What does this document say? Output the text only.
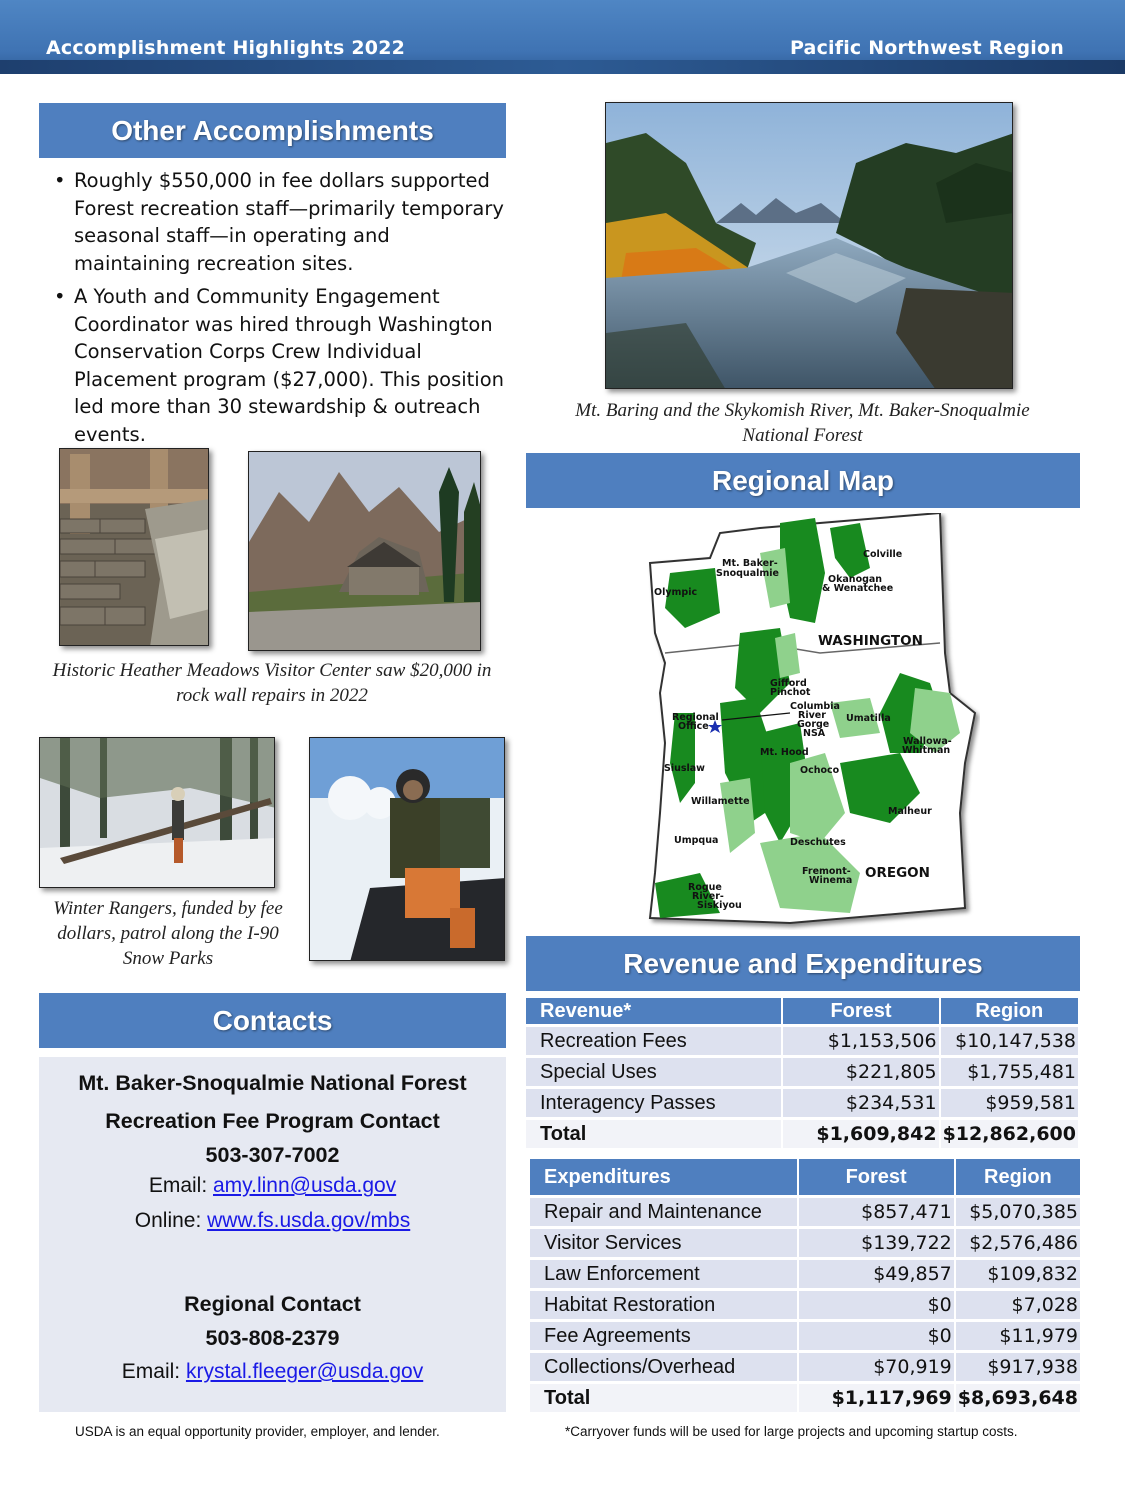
Accomplishment Highlights 2022	Pacific Northwest Region
Other Accomplishments
• Roughly $550,000 in fee dollars supported Forest recreation staff—primarily temporary seasonal staff—in operating and maintaining recreation sites.
• A Youth and Community Engagement Coordinator was hired through Washington Conservation Corps Crew Individual Placement program ($27,000). This position led more than 30 stewardship & outreach events.
Mt. Baring and the Skykomish River, Mt. Baker-Snoqualmie National Forest
Historic Heather Meadows Visitor Center saw $20,000 in rock wall repairs in 2022
Winter Rangers, funded by fee dollars, patrol along the I-90 Snow Parks
Regional Map
Mt. Baker-
Snoqualmie
Olympic
Colville
Okanogan
& Wenatchee
Gifford
Pinchot
Columbia
River
Gorge
NSA
Regional
Office
Umatilla
Wallowa-
Whitman
Mt. Hood
Siuslaw	Ochoco
Willamette
Malheur
Umpqua	Deschutes
Fremont-
Winema
Rogue
River-
Siskiyou
WASHINGTON
OREGON
Revenue and Expenditures
Revenue*	Forest	Region
Recreation Fees	$1,153,506	$10,147,538
Special Uses	$221,805	$1,755,481
Interagency Passes	$234,531	$959,581
Total	$1,609,842	$12,862,600
Expenditures	Forest	Region
Repair and Maintenance	$857,471	$5,070,385
Visitor Services	$139,722	$2,576,486
Law Enforcement	$49,857	$109,832
Habitat Restoration	$0	$7,028
Fee Agreements	$0	$11,979
Collections/Overhead	$70,919	$917,938
Total	$1,117,969	$8,693,648
Contacts
Mt. Baker-Snoqualmie National Forest
Recreation Fee Program Contact
503-307-7002
Email: amy.linn@usda.gov
Online: www.fs.usda.gov/mbs
Regional Contact
503-808-2379
Email: krystal.fleeger@usda.gov
USDA is an equal opportunity provider, employer, and lender.	*Carryover funds will be used for large projects and upcoming startup costs.
